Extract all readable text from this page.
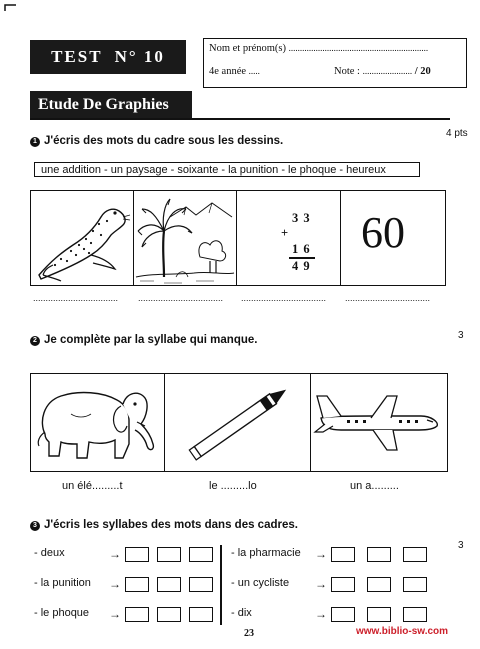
TEST N° 10	Nom et prénom(s) ..............................................................
4e année .....	Note : ...................... / 20
Etude De Graphies
1 J'écris des mots du cadre sous les dessins.
4 pts
une addition - un paysage - soixante - la punition - le phoque - heureux
3 3
+
1 6
4 9
60
..................................	..................................	..................................	..................................
2 Je complète par la syllabe qui manque.	3
un élé.........t	le .........lo	un a.........
3 J'écris les syllabes des mots dans des cadres.
3
- deux	→
- la punition →
- le phoque →
- la pharmacie →
- un cycliste →
- dix	→
23	www.biblio-sw.com
